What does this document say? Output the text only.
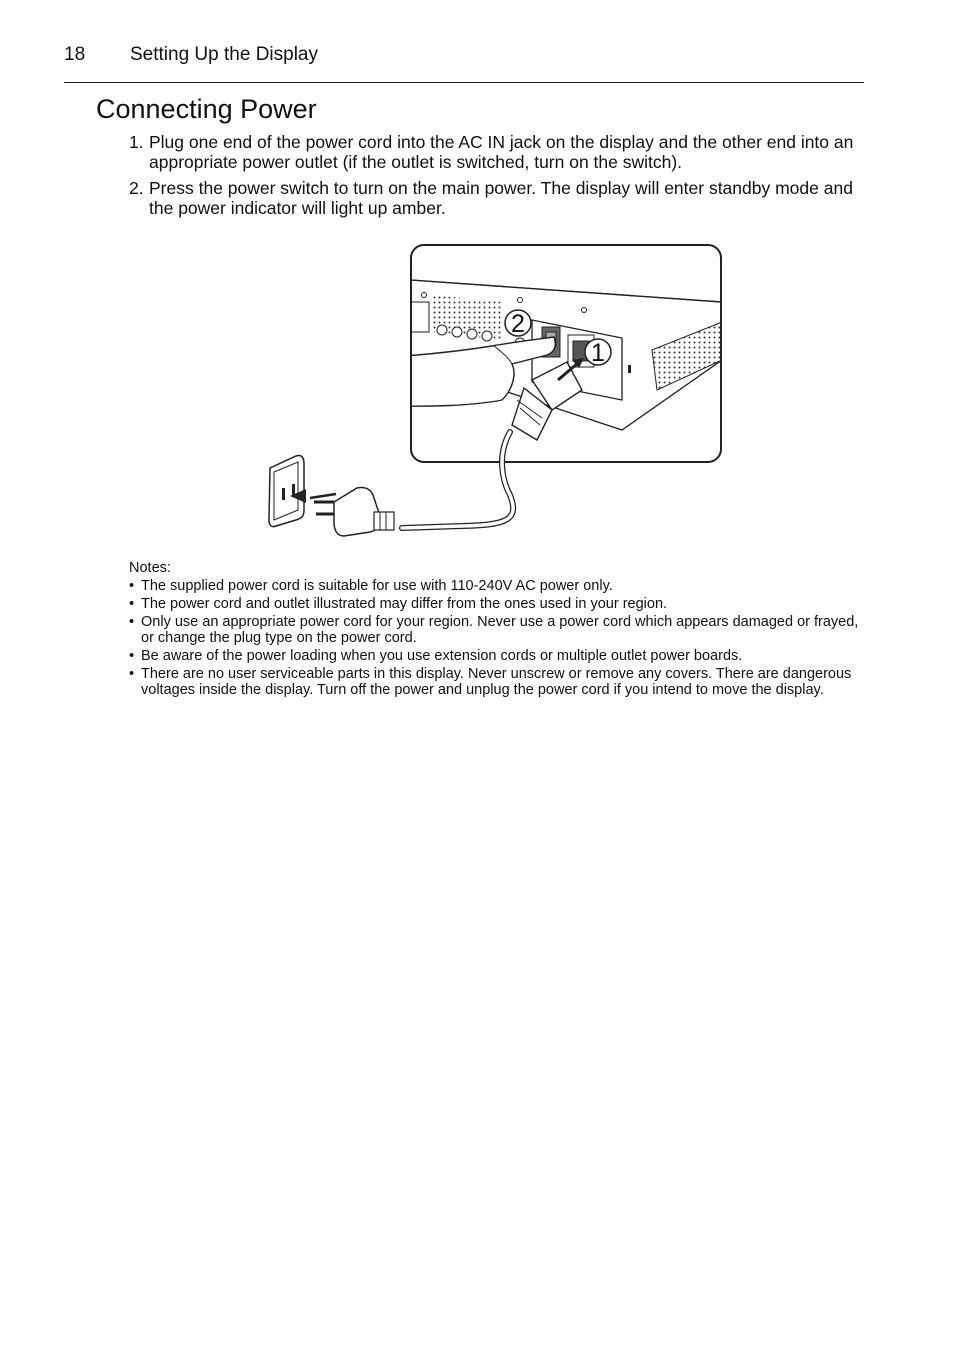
18 Setting Up the Display
Connecting Power
1. Plug one end of the power cord into the AC IN jack on the display and the other end into an appropriate power outlet (if the outlet is switched, turn on the switch).
2. Press the power switch to turn on the main power. The display will enter standby mode and the power indicator will light up amber.
2
1
Notes:
• The supplied power cord is suitable for use with 110-240V AC power only.
• The power cord and outlet illustrated may differ from the ones used in your region.
• Only use an appropriate power cord for your region. Never use a power cord which appears damaged or frayed, or change the plug type on the power cord.
• Be aware of the power loading when you use extension cords or multiple outlet power boards.
• There are no user serviceable parts in this display. Never unscrew or remove any covers. There are dangerous voltages inside the display. Turn off the power and unplug the power cord if you intend to move the display.
